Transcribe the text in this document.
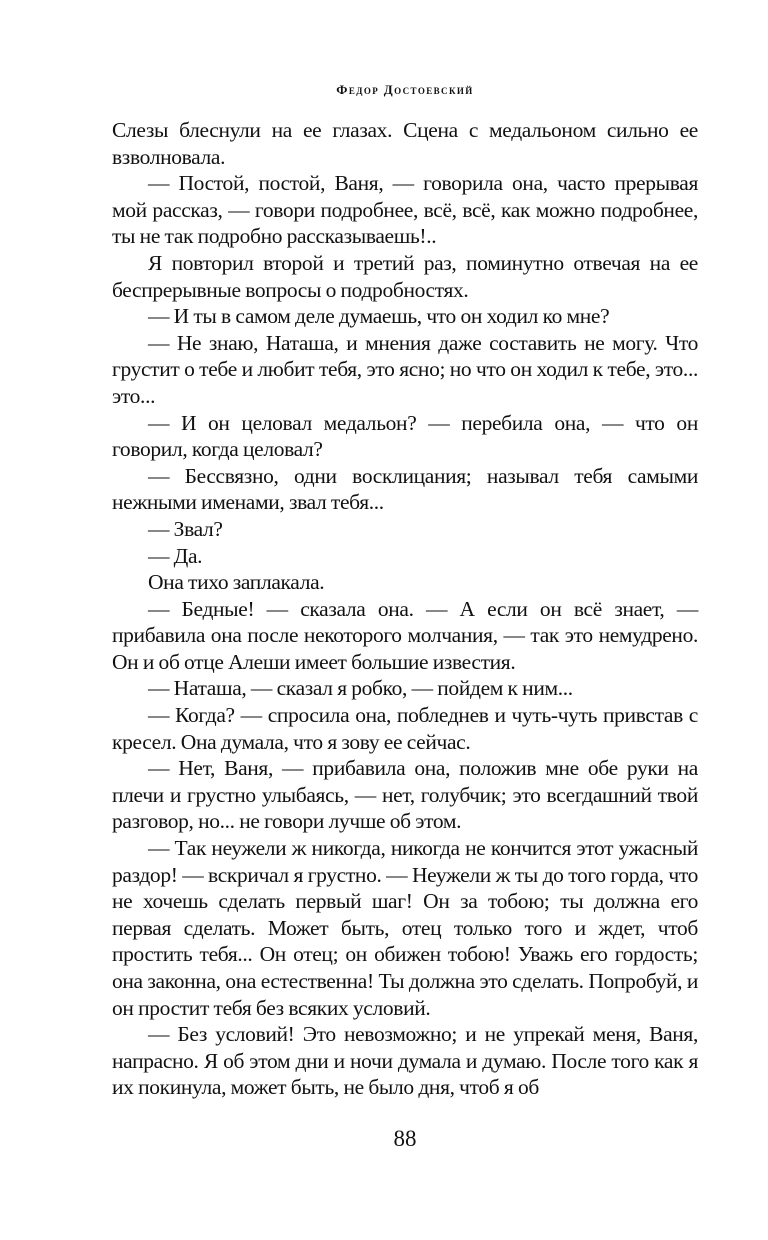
Федор Достоевский

Слезы блеснули на ее глазах. Сцена с медальоном сильно ее взволновала.

— Постой, постой, Ваня, — говорила она, часто прерывая мой рассказ, — говори подробнее, всё, всё, как можно подробнее, ты не так подробно рассказываешь!..

Я повторил второй и третий раз, поминутно отвечая на ее беспрерывные вопросы о подробностях.

— И ты в самом деле думаешь, что он ходил ко мне?

— Не знаю, Наташа, и мнения даже составить не могу. Что грустит о тебе и любит тебя, это ясно; но что он ходил к тебе, это... это...

— И он целовал медальон? — перебила она, — что он говорил, когда целовал?

— Бессвязно, одни восклицания; называл тебя самыми нежными именами, звал тебя...

— Звал?

— Да.

Она тихо заплакала.

— Бедные! — сказала она. — А если он всё знает, — прибавила она после некоторого молчания, — так это немудрено. Он и об отце Алеши имеет большие известия.

— Наташа, — сказал я робко, — пойдем к ним...

— Когда? — спросила она, побледнев и чуть-чуть привстав с кресел. Она думала, что я зову ее сейчас.

— Нет, Ваня, — прибавила она, положив мне обе руки на плечи и грустно улыбаясь, — нет, голубчик; это всегдашний твой разговор, но... не говори лучше об этом.

— Так неужели ж никогда, никогда не кончится этот ужасный раздор! — вскричал я грустно. — Неужели ж ты до того горда, что не хочешь сделать первый шаг! Он за тобою; ты должна его первая сделать. Может быть, отец только того и ждет, чтоб простить тебя... Он отец; он обижен тобою! Уважь его гордость; она законна, она естественна! Ты должна это сделать. Попробуй, и он простит тебя без всяких условий.

— Без условий! Это невозможно; и не упрекай меня, Ваня, напрасно. Я об этом дни и ночи думала и думаю. После того как я их покинула, может быть, не было дня, чтоб я об

88
